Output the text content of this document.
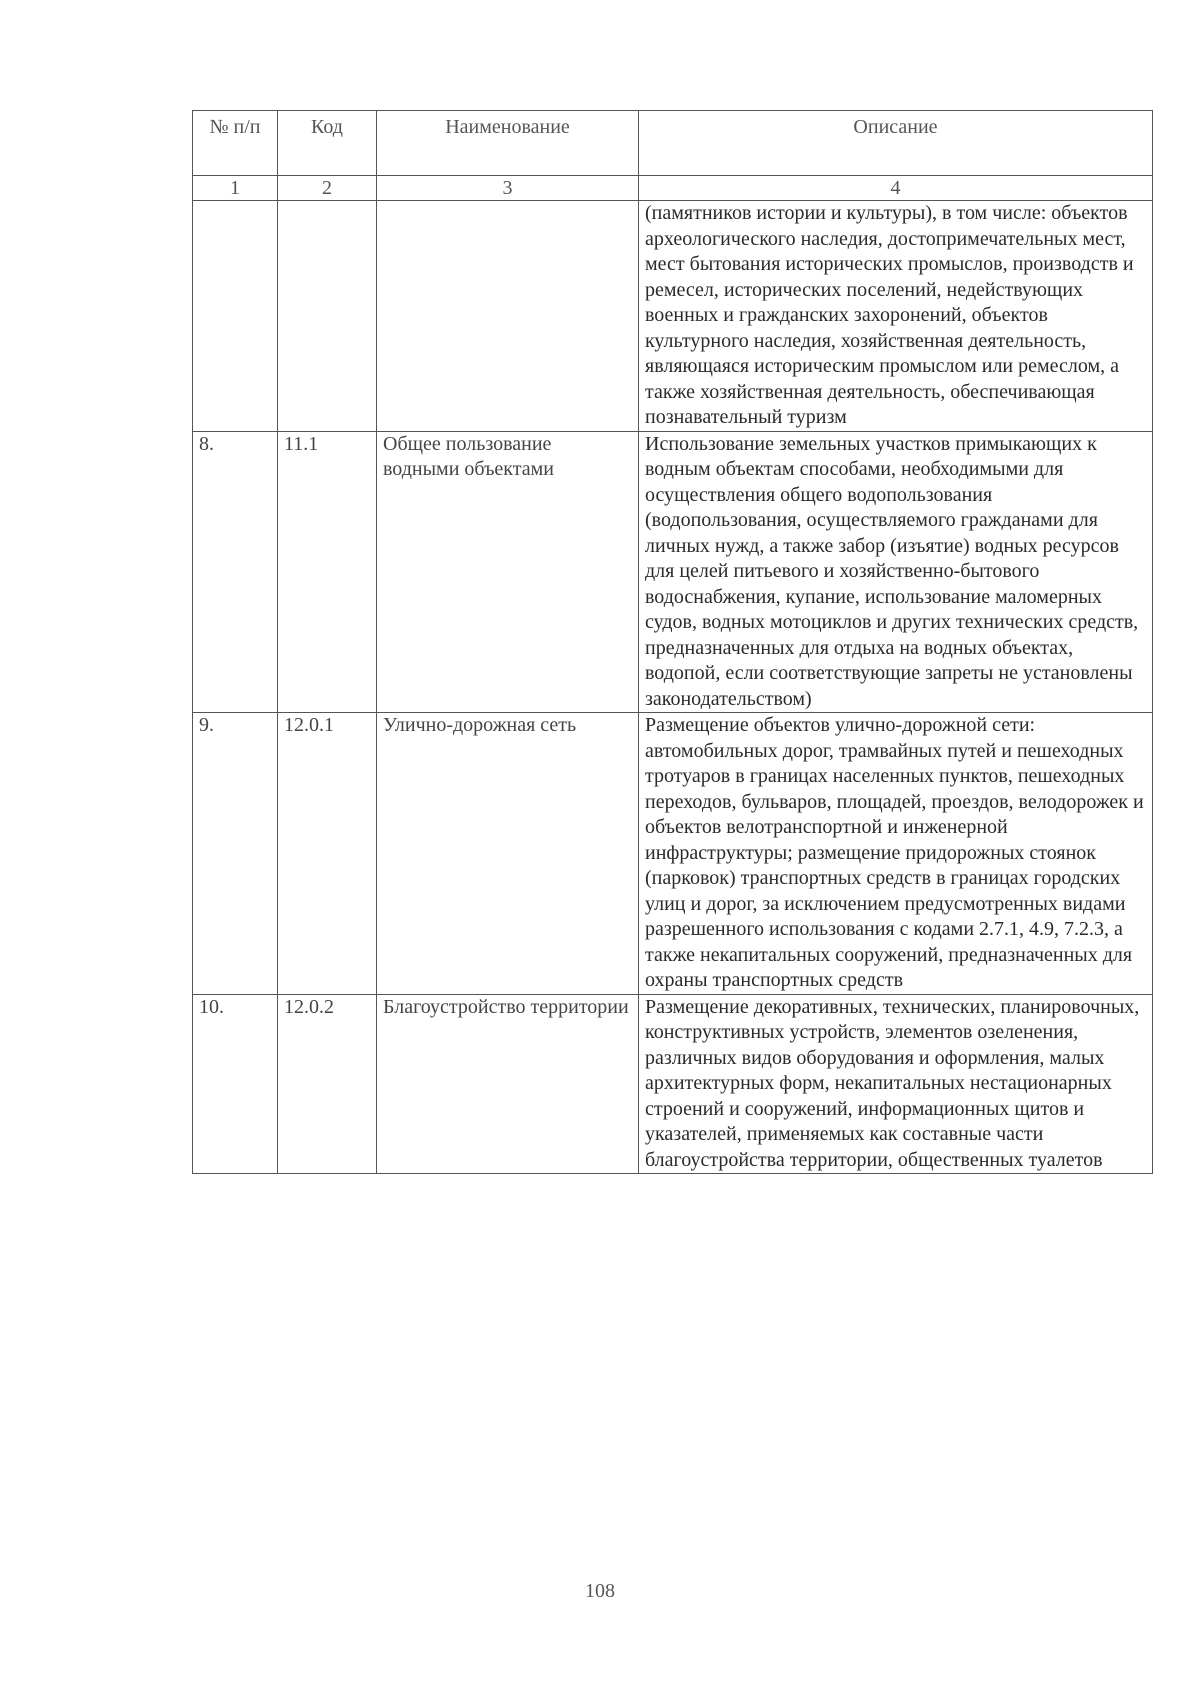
№ п/п	Код	Наименование	Описание
1	2	3	4
			(памятников истории и культуры), в том числе: объектов археологического наследия, достопримечательных мест, мест бытования исторических промыслов, производств и ремесел, исторических поселений, недействующих военных и гражданских захоронений, объектов культурного наследия, хозяйственная деятельность, являющаяся историческим промыслом или ремеслом, а также хозяйственная деятельность, обеспечивающая познавательный туризм
8.	11.1	Общее пользование водными объектами	Использование земельных участков примыкающих к водным объектам способами, необходимыми для осуществления общего водопользования (водопользования, осуществляемого гражданами для личных нужд, а также забор (изъятие) водных ресурсов для целей питьевого и хозяйственно-бытового водоснабжения, купание, использование маломерных судов, водных мотоциклов и других технических средств, предназначенных для отдыха на водных объектах, водопой, если соответствующие запреты не установлены законодательством)
9.	12.0.1	Улично-дорожная сеть	Размещение объектов улично-дорожной сети: автомобильных дорог, трамвайных путей и пешеходных тротуаров в границах населенных пунктов, пешеходных переходов, бульваров, площадей, проездов, велодорожек и объектов велотранспортной и инженерной инфраструктуры; размещение придорожных стоянок (парковок) транспортных средств в границах городских улиц и дорог, за исключением предусмотренных видами разрешенного использования с кодами 2.7.1, 4.9, 7.2.3, а также некапитальных сооружений, предназначенных для охраны транспортных средств
10.	12.0.2	Благоустройство территории	Размещение декоративных, технических, планировочных, конструктивных устройств, элементов озеленения, различных видов оборудования и оформления, малых архитектурных форм, некапитальных нестационарных строений и сооружений, информационных щитов и указателей, применяемых как составные части благоустройства территории, общественных туалетов
108
